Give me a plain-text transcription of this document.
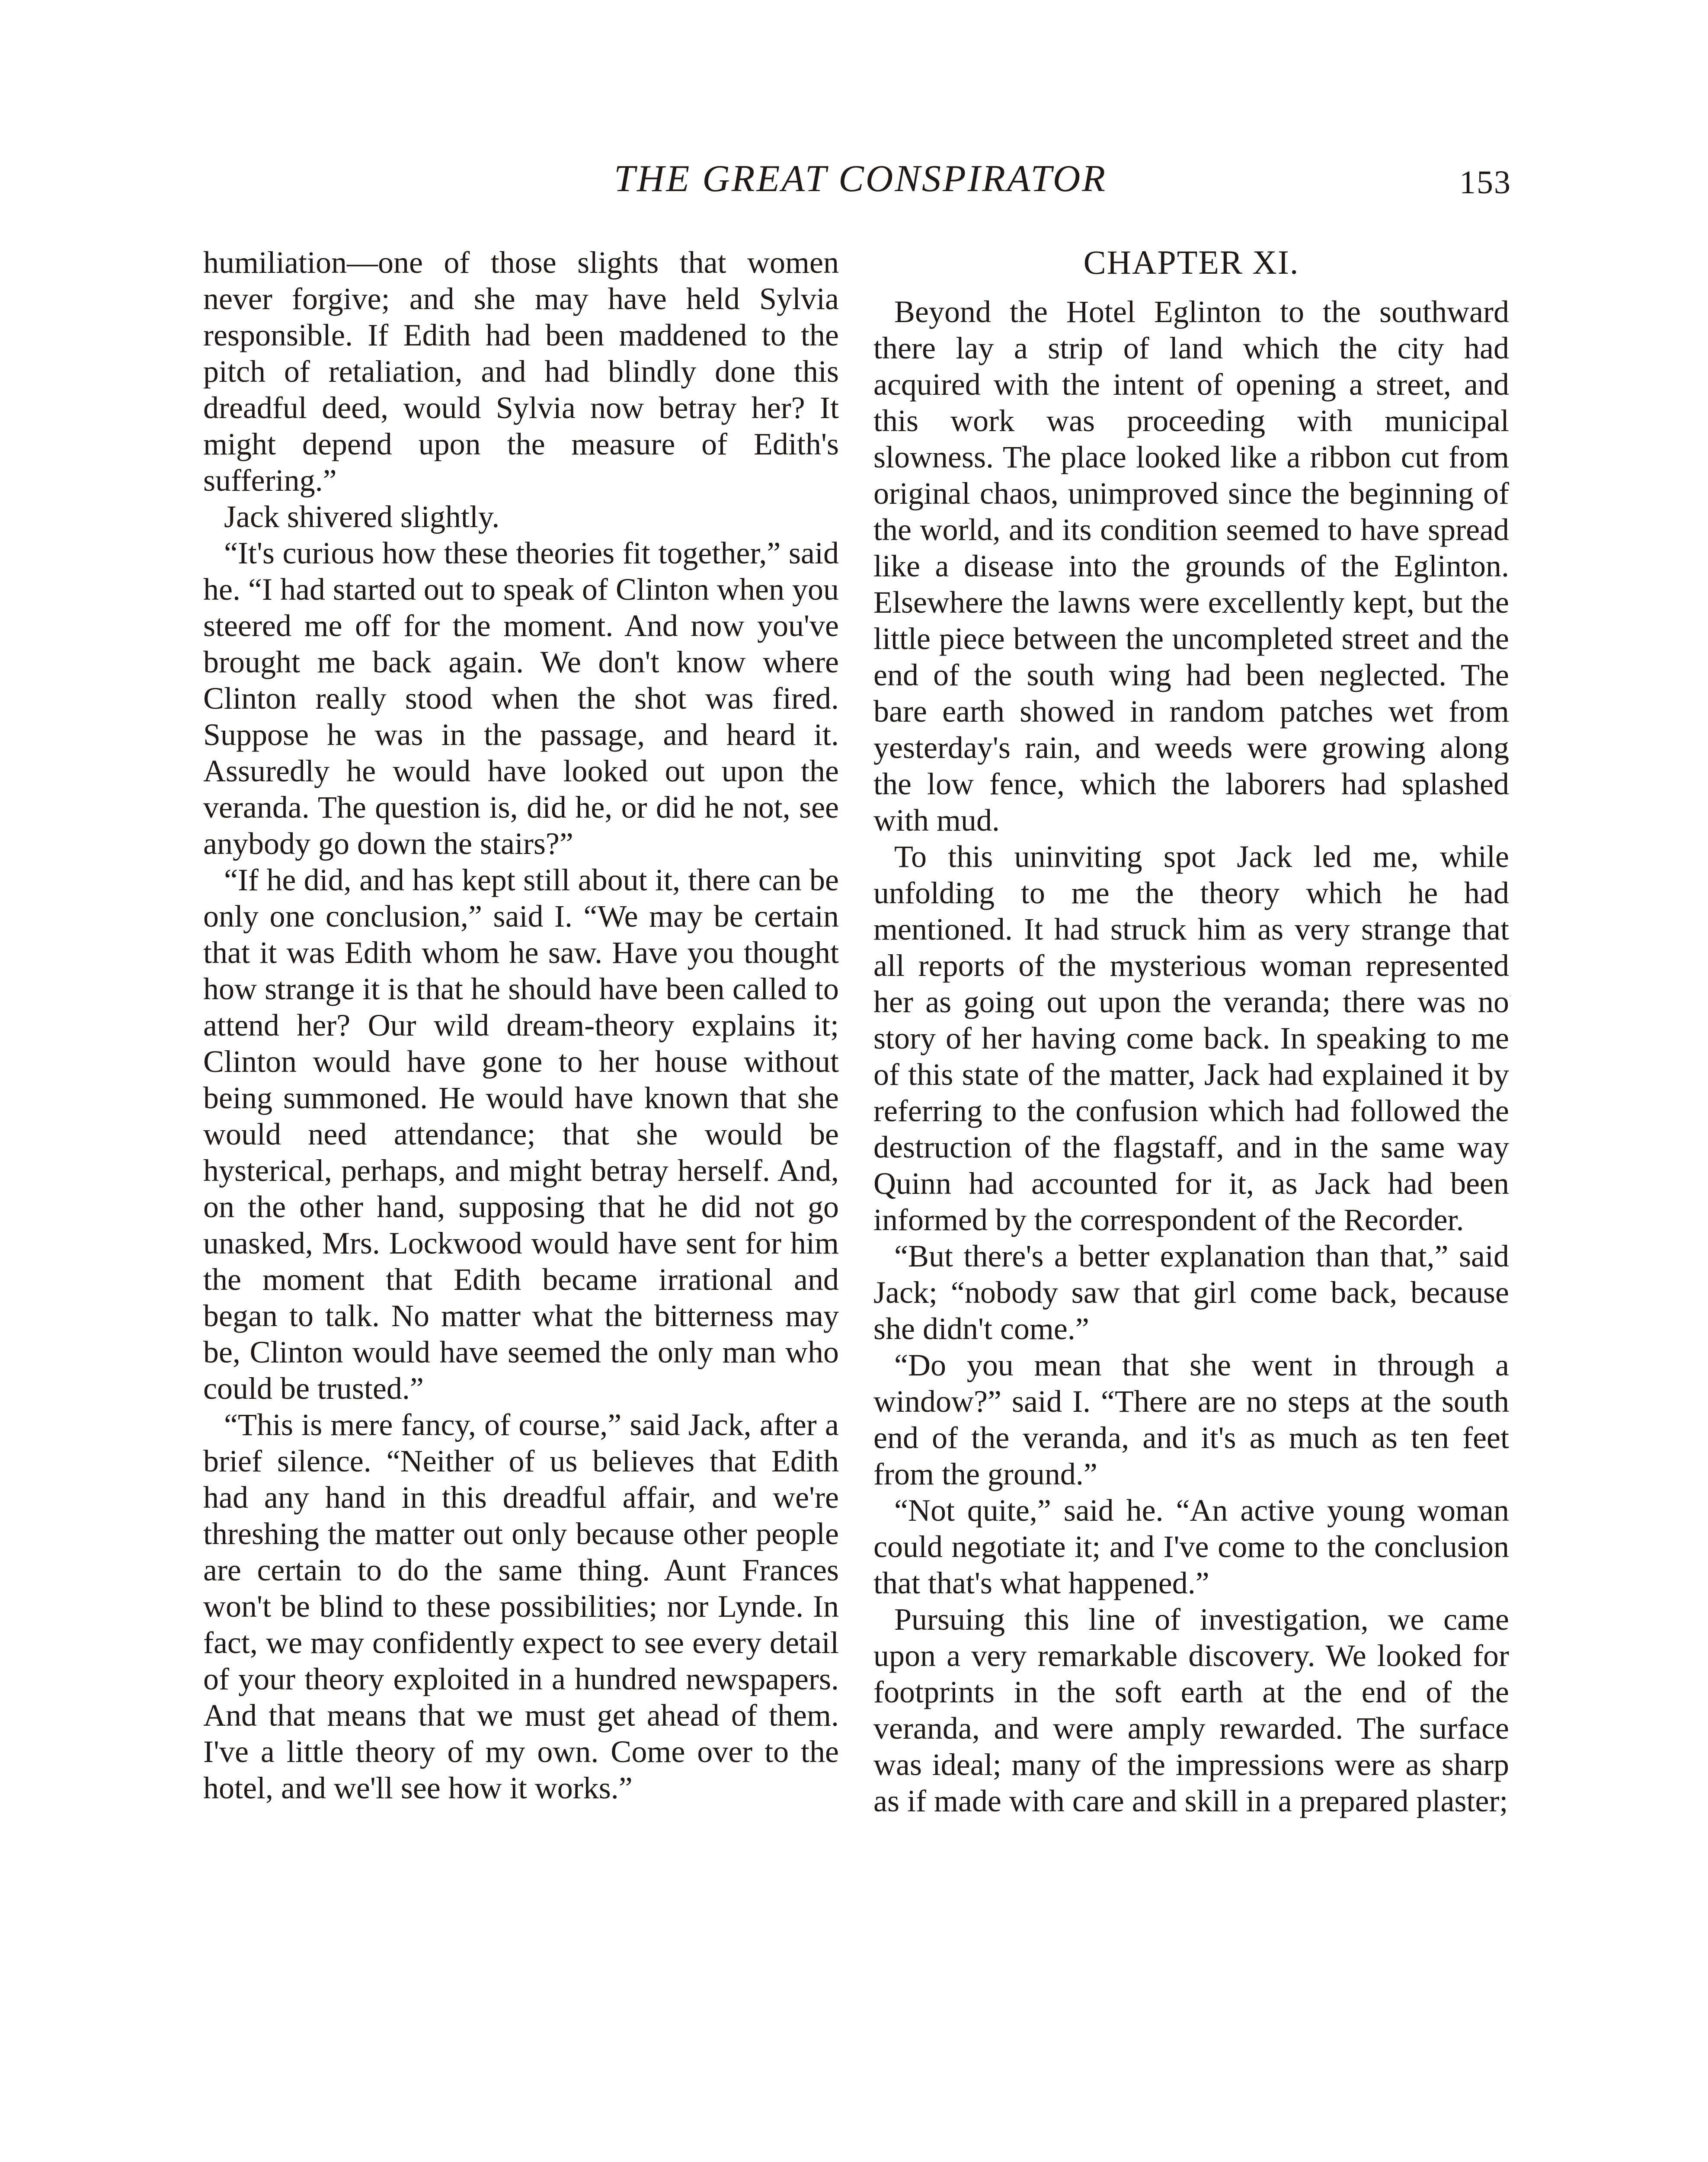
THE GREAT CONSPIRATOR	153

humiliation—one of those slights that women never forgive; and she may have held Sylvia responsible. If Edith had been maddened to the pitch of retaliation, and had blindly done this dreadful deed, would Sylvia now betray her? It might depend upon the measure of Edith's suffering.”

Jack shivered slightly.

“It's curious how these theories fit together,” said he. “I had started out to speak of Clinton when you steered me off for the moment. And now you've brought me back again. We don't know where Clinton really stood when the shot was fired. Suppose he was in the passage, and heard it. Assuredly he would have looked out upon the veranda. The question is, did he, or did he not, see anybody go down the stairs?”

“If he did, and has kept still about it, there can be only one conclusion,” said I. “We may be certain that it was Edith whom he saw. Have you thought how strange it is that he should have been called to attend her? Our wild dream-theory explains it; Clinton would have gone to her house without being summoned. He would have known that she would need attendance; that she would be hysterical, perhaps, and might betray herself. And, on the other hand, supposing that he did not go unasked, Mrs. Lockwood would have sent for him the moment that Edith became irrational and began to talk. No matter what the bitterness may be, Clinton would have seemed the only man who could be trusted.”

“This is mere fancy, of course,” said Jack, after a brief silence. “Neither of us believes that Edith had any hand in this dreadful affair, and we're threshing the matter out only because other people are certain to do the same thing. Aunt Frances won't be blind to these possibilities; nor Lynde. In fact, we may confidently expect to see every detail of your theory exploited in a hundred newspapers. And that means that we must get ahead of them. I've a little theory of my own. Come over to the hotel, and we'll see how it works.”

CHAPTER XI.

Beyond the Hotel Eglinton to the southward there lay a strip of land which the city had acquired with the intent of opening a street, and this work was proceeding with municipal slowness. The place looked like a ribbon cut from original chaos, unimproved since the beginning of the world, and its condition seemed to have spread like a disease into the grounds of the Eglinton. Elsewhere the lawns were excellently kept, but the little piece between the uncompleted street and the end of the south wing had been neglected. The bare earth showed in random patches wet from yesterday's rain, and weeds were growing along the low fence, which the laborers had splashed with mud.

To this uninviting spot Jack led me, while unfolding to me the theory which he had mentioned. It had struck him as very strange that all reports of the mysterious woman represented her as going out upon the veranda; there was no story of her having come back. In speaking to me of this state of the matter, Jack had explained it by referring to the confusion which had followed the destruction of the flagstaff, and in the same way Quinn had accounted for it, as Jack had been informed by the correspondent of the Recorder.

“But there's a better explanation than that,” said Jack; “nobody saw that girl come back, because she didn't come.”

“Do you mean that she went in through a window?” said I. “There are no steps at the south end of the veranda, and it's as much as ten feet from the ground.”

“Not quite,” said he. “An active young woman could negotiate it; and I've come to the conclusion that that's what happened.”

Pursuing this line of investigation, we came upon a very remarkable discovery. We looked for footprints in the soft earth at the end of the veranda, and were amply rewarded. The surface was ideal; many of the impressions were as sharp as if made with care and skill in a prepared plaster;
